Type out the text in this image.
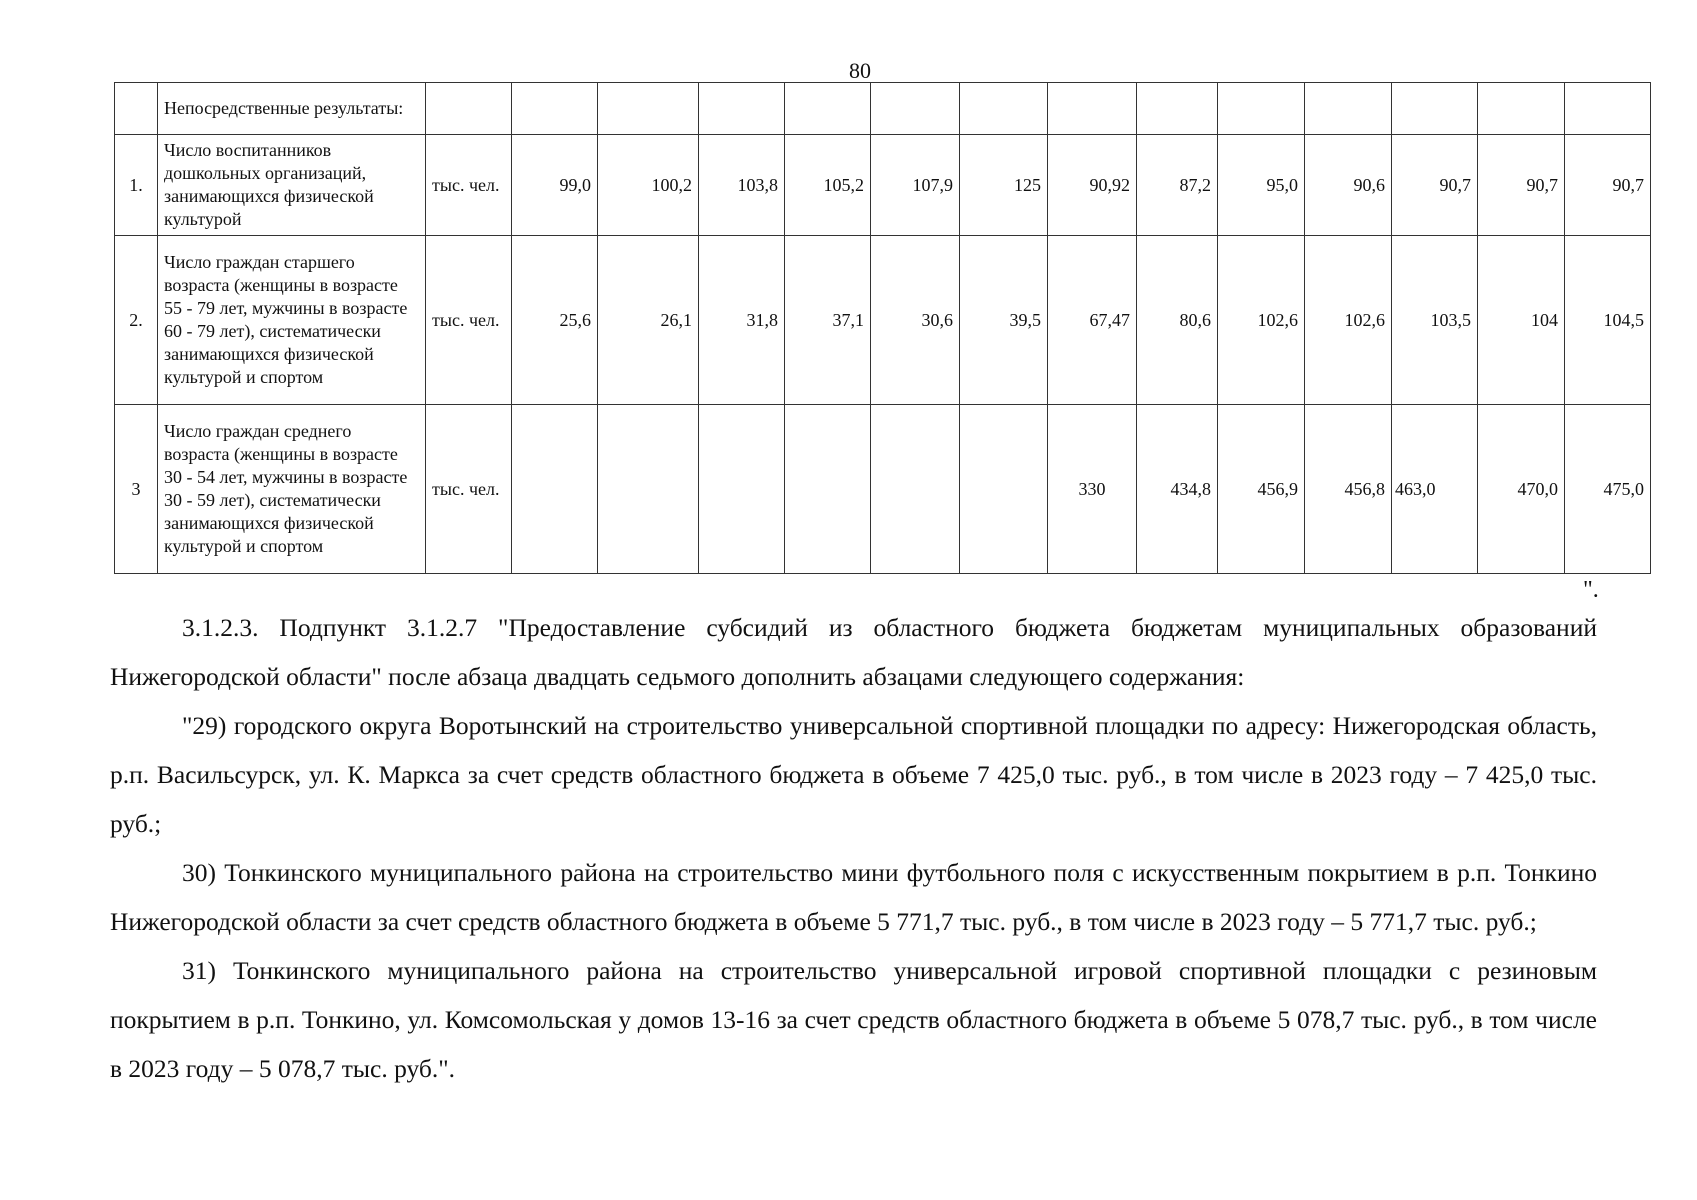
80
	Непосредственные результаты:														
1.	Число воспитанников дошкольных организаций, занимающихся физической культурой	тыс. чел.	99,0	100,2	103,8	105,2	107,9	125	90,92	87,2	95,0	90,6	90,7	90,7	90,7
2.	Число граждан старшего возраста (женщины в возрасте 55 - 79 лет, мужчины в возрасте 60 - 79 лет), систематически занимающихся физической культурой и спортом	тыс. чел.	25,6	26,1	31,8	37,1	30,6	39,5	67,47	80,6	102,6	102,6	103,5	104	104,5
3	Число граждан среднего возраста (женщины в возрасте 30 - 54 лет, мужчины в возрасте 30 - 59 лет), систематически занимающихся физической культурой и спортом	тыс. чел.							330	434,8	456,9	456,8	463,0	470,0	475,0
".

3.1.2.3. Подпункт 3.1.2.7 "Предоставление субсидий из областного бюджета бюджетам муниципальных образований Нижегородской области" после абзаца двадцать седьмого дополнить абзацами следующего содержания:

"29) городского округа Воротынский на строительство универсальной спортивной площадки по адресу: Нижегородская область, р.п. Васильсурск, ул. К. Маркса за счет средств областного бюджета в объеме 7 425,0 тыс. руб., в том числе в 2023 году – 7 425,0 тыс. руб.;

30) Тонкинского муниципального района на строительство мини футбольного поля с искусственным покрытием в р.п. Тонкино Нижегородской области за счет средств областного бюджета в объеме 5 771,7 тыс. руб., в том числе в 2023 году – 5 771,7 тыс. руб.;

31) Тонкинского муниципального района на строительство универсальной игровой спортивной площадки с резиновым покрытием в р.п. Тонкино, ул. Комсомольская у домов 13-16 за счет средств областного бюджета в объеме 5 078,7 тыс. руб., в том числе в 2023 году – 5 078,7 тыс. руб.".
